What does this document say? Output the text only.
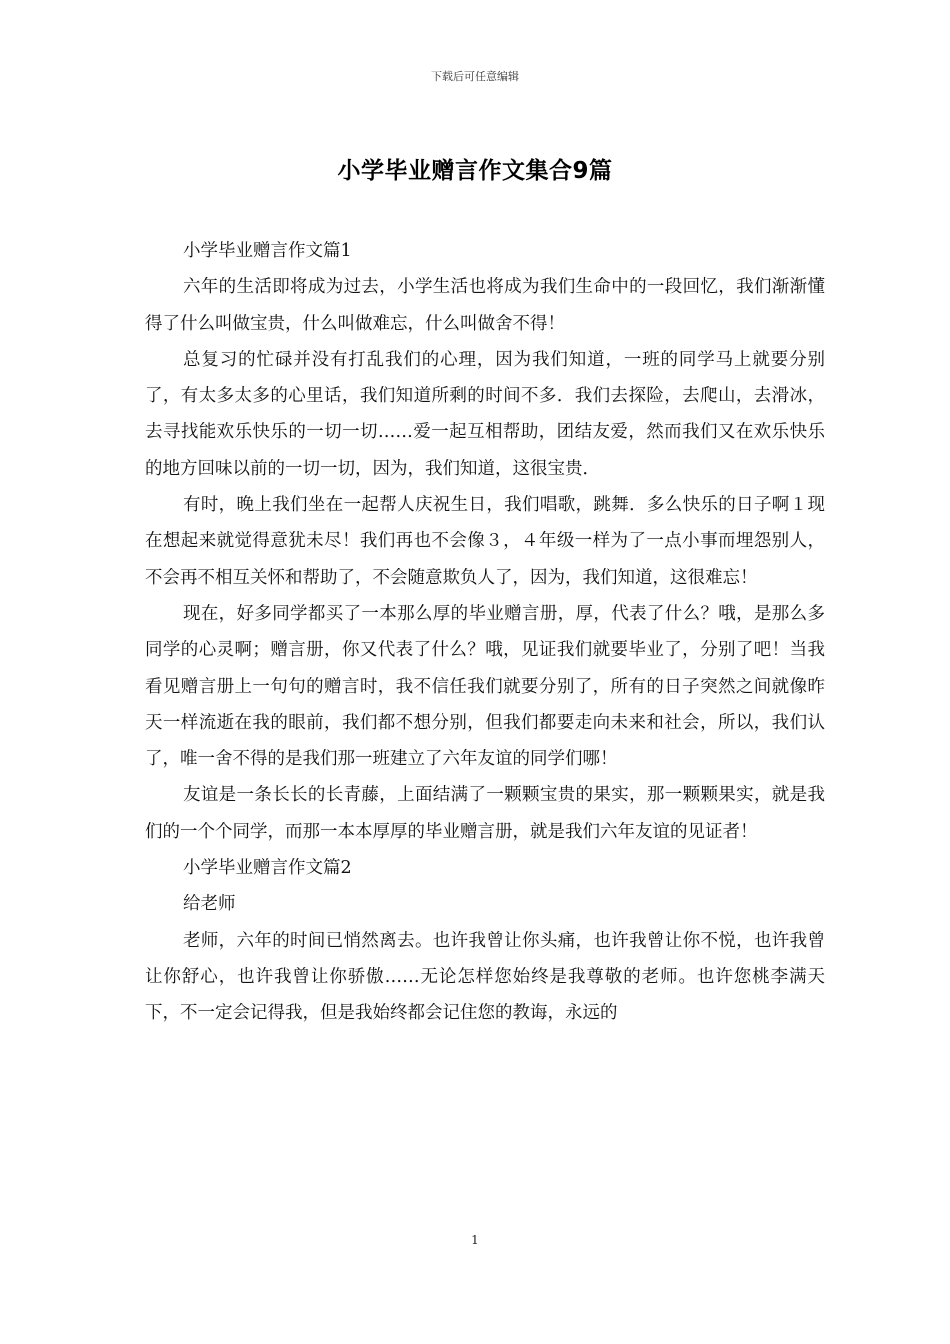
下载后可任意编辑
小学毕业赠言作文集合9篇

小学毕业赠言作文篇1

六年的生活即将成为过去，小学生活也将成为我们生命中的一段回忆，我们渐渐懂得了什么叫做宝贵，什么叫做难忘，什么叫做舍不得！

总复习的忙碌并没有打乱我们的心理，因为我们知道，一班的同学马上就要分别了，有太多太多的心里话，我们知道所剩的时间不多．我们去探险，去爬山，去滑冰，去寻找能欢乐快乐的一切一切……爱一起互相帮助，团结友爱，然而我们又在欢乐快乐的地方回味以前的一切一切，因为，我们知道，这很宝贵．

有时，晚上我们坐在一起帮人庆祝生日，我们唱歌，跳舞．多么快乐的日子啊１现在想起来就觉得意犹未尽！我们再也不会像３，４年级一样为了一点小事而埋怨别人，不会再不相互关怀和帮助了，不会随意欺负人了，因为，我们知道，这很难忘！

现在，好多同学都买了一本那么厚的毕业赠言册，厚，代表了什么？哦，是那么多同学的心灵啊；赠言册，你又代表了什么？哦，见证我们就要毕业了，分别了吧！当我看见赠言册上一句句的赠言时，我不信任我们就要分别了，所有的日子突然之间就像昨天一样流逝在我的眼前，我们都不想分别，但我们都要走向未来和社会，所以，我们认了，唯一舍不得的是我们那一班建立了六年友谊的同学们哪！

友谊是一条长长的长青藤，上面结满了一颗颗宝贵的果实，那一颗颗果实，就是我们的一个个同学，而那一本本厚厚的毕业赠言册，就是我们六年友谊的见证者！

小学毕业赠言作文篇2

给老师

老师，六年的时间已悄然离去。也许我曾让你头痛，也许我曾让你不悦，也许我曾让你舒心，也许我曾让你骄傲……无论怎样您始终是我尊敬的老师。也许您桃李满天下，不一定会记得我，但是我始终都会记住您的教诲，永远的

1
